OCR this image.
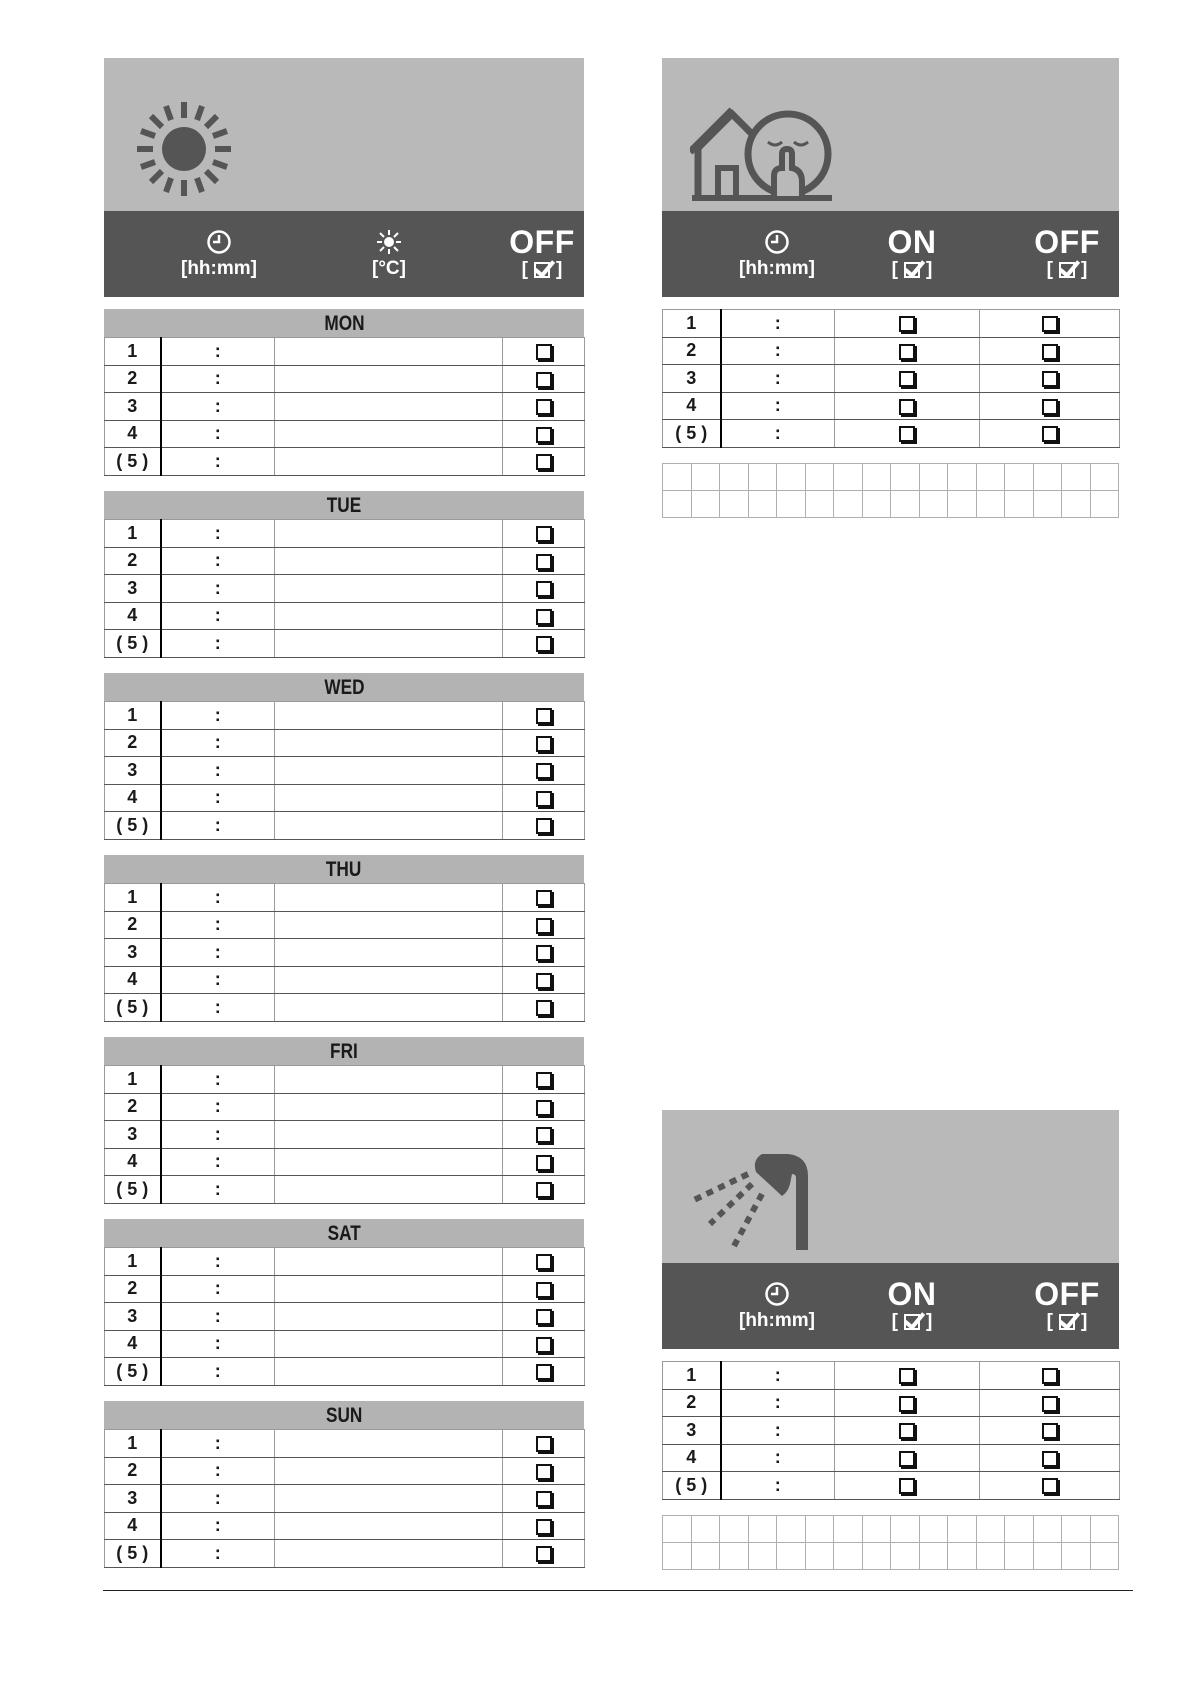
[hh:mm]	[°C]
OFF
[ ]
MON
1	:		
2	:		
3	:		
4	:		
( 5 )	:		
TUE
1	:		
2	:		
3	:		
4	:		
( 5 )	:		
WED
1	:		
2	:		
3	:		
4	:		
( 5 )	:		
THU
1	:		
2	:		
3	:		
4	:		
( 5 )	:		
FRI
1	:		
2	:		
3	:		
4	:		
( 5 )	:		
SAT
1	:		
2	:		
3	:		
4	:		
( 5 )	:		
SUN
1	:		
2	:		
3	:		
4	:		
( 5 )	:		
[hh:mm]
ON
[ ]
OFF
[ ]
1	:		
2	:		
3	:		
4	:		
( 5 )	:		

[hh:mm]
ON
[ ]
OFF
[ ]
1	:		
2	:		
3	:		
4	:		
( 5 )	:		
